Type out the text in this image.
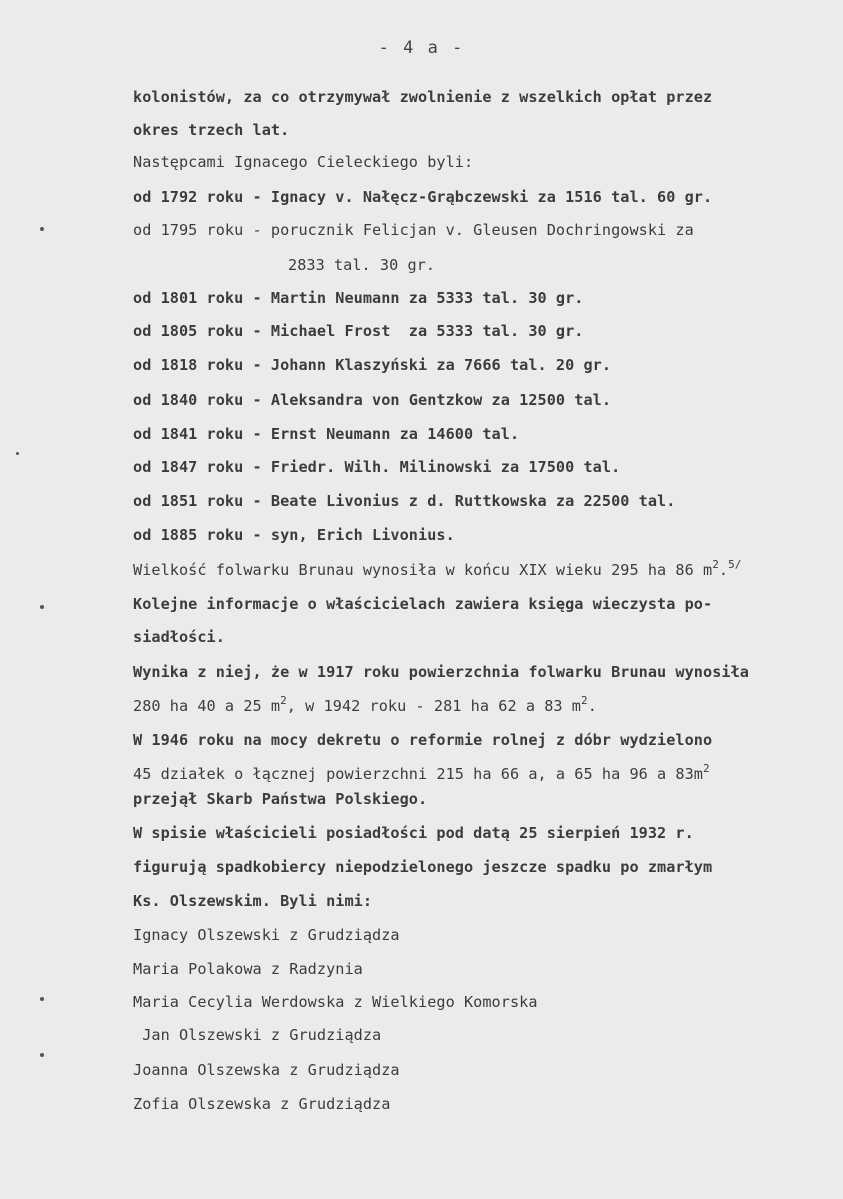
- 4 a -
kolonistów, za co otrzymywał zwolnienie z wszelkich opłat przez
okres trzech lat.
Następcami Ignacego Cieleckiego byli:
od 1792 roku - Ignacy v. Nałęcz-Grąbczewski za 1516 tal. 60 gr.
od 1795 roku - porucznik Felicjan v. Gleusen Dochringowski za
2833 tal. 30 gr.
od 1801 roku - Martin Neumann za 5333 tal. 30 gr.
od 1805 roku - Michael Frost  za 5333 tal. 30 gr.
od 1818 roku - Johann Klaszyński za 7666 tal. 20 gr.
od 1840 roku - Aleksandra von Gentzkow za 12500 tal.
od 1841 roku - Ernst Neumann za 14600 tal.
od 1847 roku - Friedr. Wilh. Milinowski za 17500 tal.
od 1851 roku - Beate Livonius z d. Ruttkowska za 22500 tal.
od 1885 roku - syn, Erich Livonius.
Wielkość folwarku Brunau wynosiła w końcu XIX wieku 295 ha 86 $m^2.^{5/}$
Kolejne informacje o właścicielach zawiera księga wieczysta po-
siadłości.
Wynika z niej, że w 1917 roku powierzchnia folwarku Brunau wynosiła
280 ha 40 a 25 $m^2$, w 1942 roku - 281 ha 62 a 83 $m^2$.
W 1946 roku na mocy dekretu o reformie rolnej z dóbr wydzielono
45 działek o łącznej powierzchni 215 ha 66 a, a 65 ha 96 a $83m^2$
przejął Skarb Państwa Polskiego.
W spisie właścicieli posiadłości pod datą 25 sierpień 1932 r.
figurują spadkobiercy niepodzielonego jeszcze spadku po zmarłym
Ks. Olszewskim. Byli nimi:
Ignacy Olszewski z Grudziądza
Maria Polakowa z Radzynia
Maria Cecylia Werdowska z Wielkiego Komorska
Jan Olszewski z Grudziądza
Joanna Olszewska z Grudziądza
Zofia Olszewska z Grudziądza
